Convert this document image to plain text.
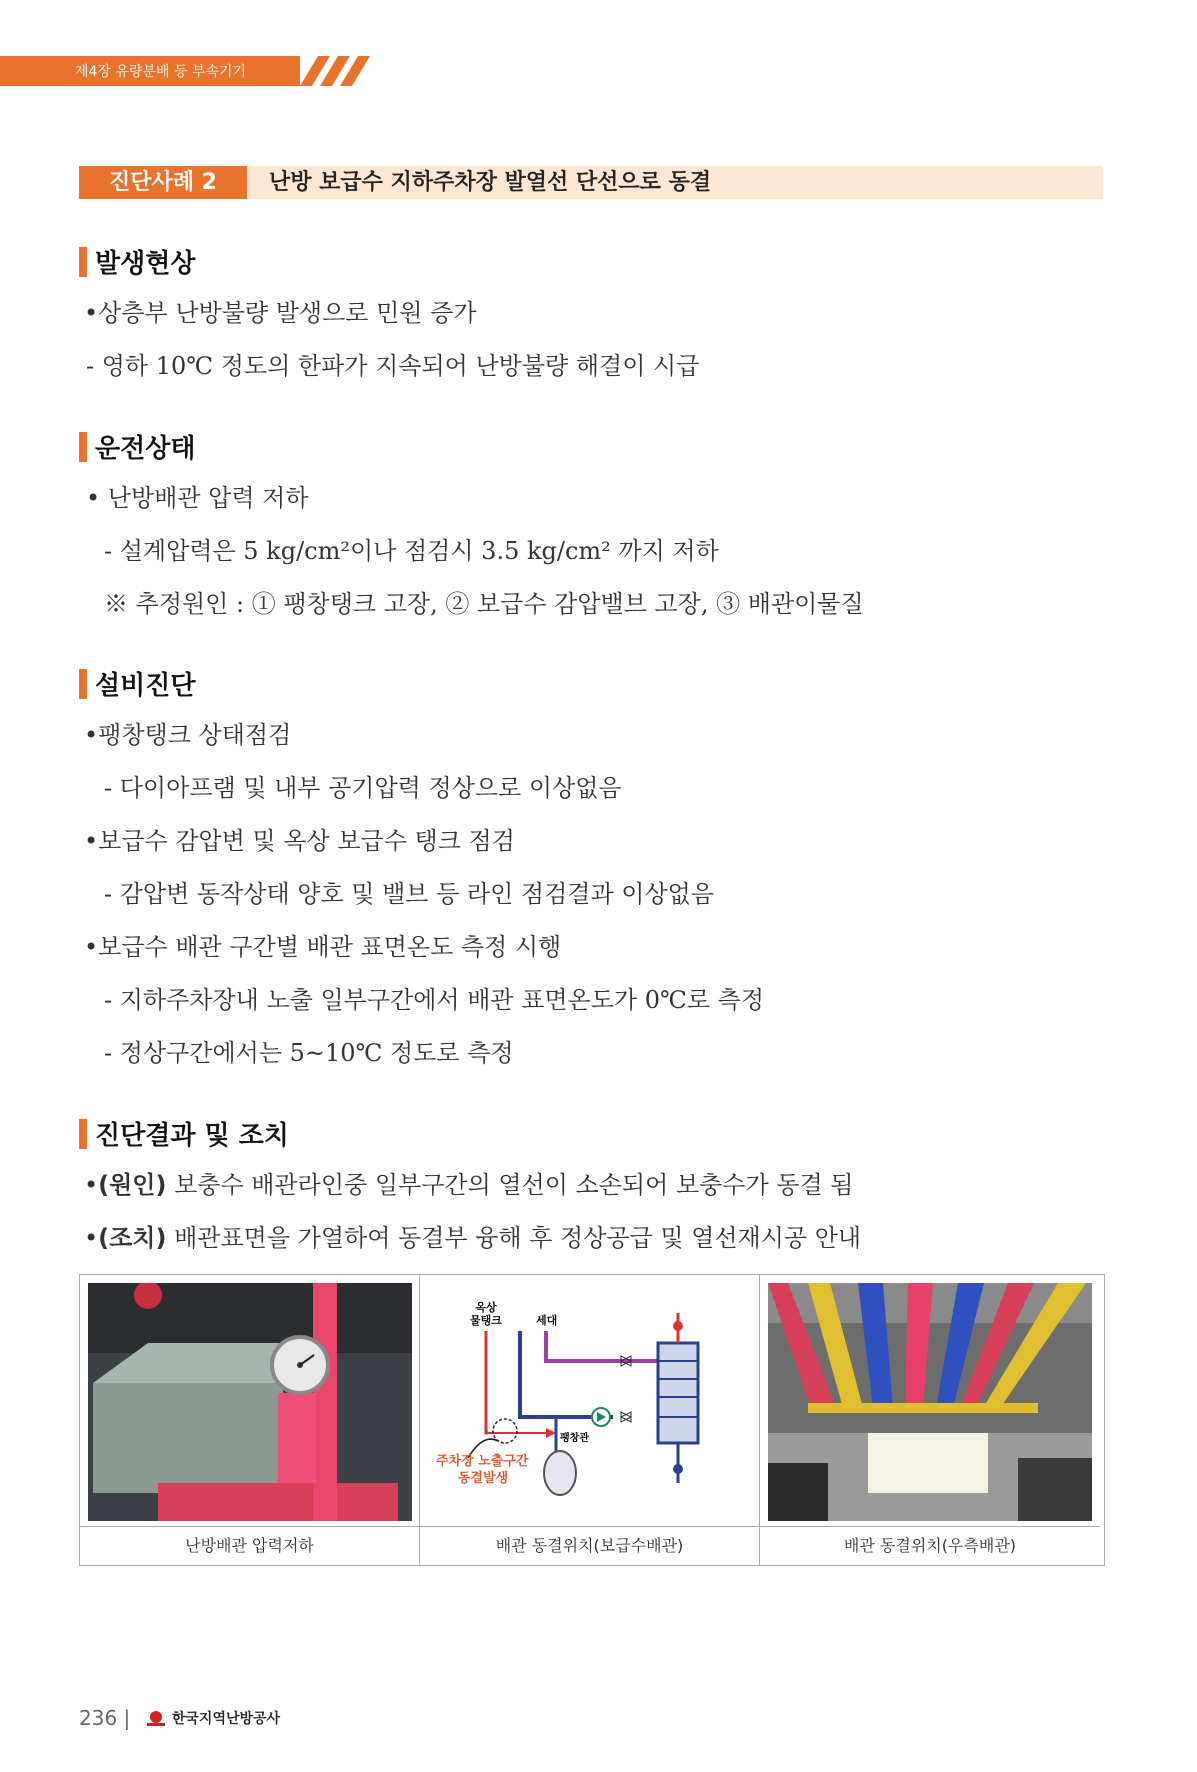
제4장 유량분배 등 부속기기
진단사례 2	난방 보급수 지하주차장 발열선 단선으로 동결
발생현상
•상층부 난방불량 발생으로 민원 증가
- 영하 10℃ 정도의 한파가 지속되어 난방불량 해결이 시급
운전상태
• 난방배관 압력 저하
- 설계압력은 5 kg/cm²이나 점검시 3.5 kg/cm² 까지 저하
※ 추정원인 : ① 팽창탱크 고장, ② 보급수 감압밸브 고장, ③ 배관이물질
설비진단
•팽창탱크 상태점검
- 다이아프램 및 내부 공기압력 정상으로 이상없음
•보급수 감압변 및 옥상 보급수 탱크 점검
- 감압변 동작상태 양호 및 밸브 등 라인 점검결과 이상없음
•보급수 배관 구간별 배관 표면온도 측정 시행
- 지하주차장내 노출 일부구간에서 배관 표면온도가 0℃로 측정
- 정상구간에서는 5~10℃ 정도로 측정
진단결과 및 조치
•(원인) 보충수 배관라인중 일부구간의 열선이 소손되어 보충수가 동결 됨
•(조치) 배관표면을 가열하여 동결부 융해 후 정상공급 및 열선재시공 안내
난방배관 압력저하
옥상
물탱크	세대
팽창관
주차장 노출구간
동결발생
배관 동결위치(보급수배관)	배관 동결위치(우측배관)
236 |	한국지역난방공사
